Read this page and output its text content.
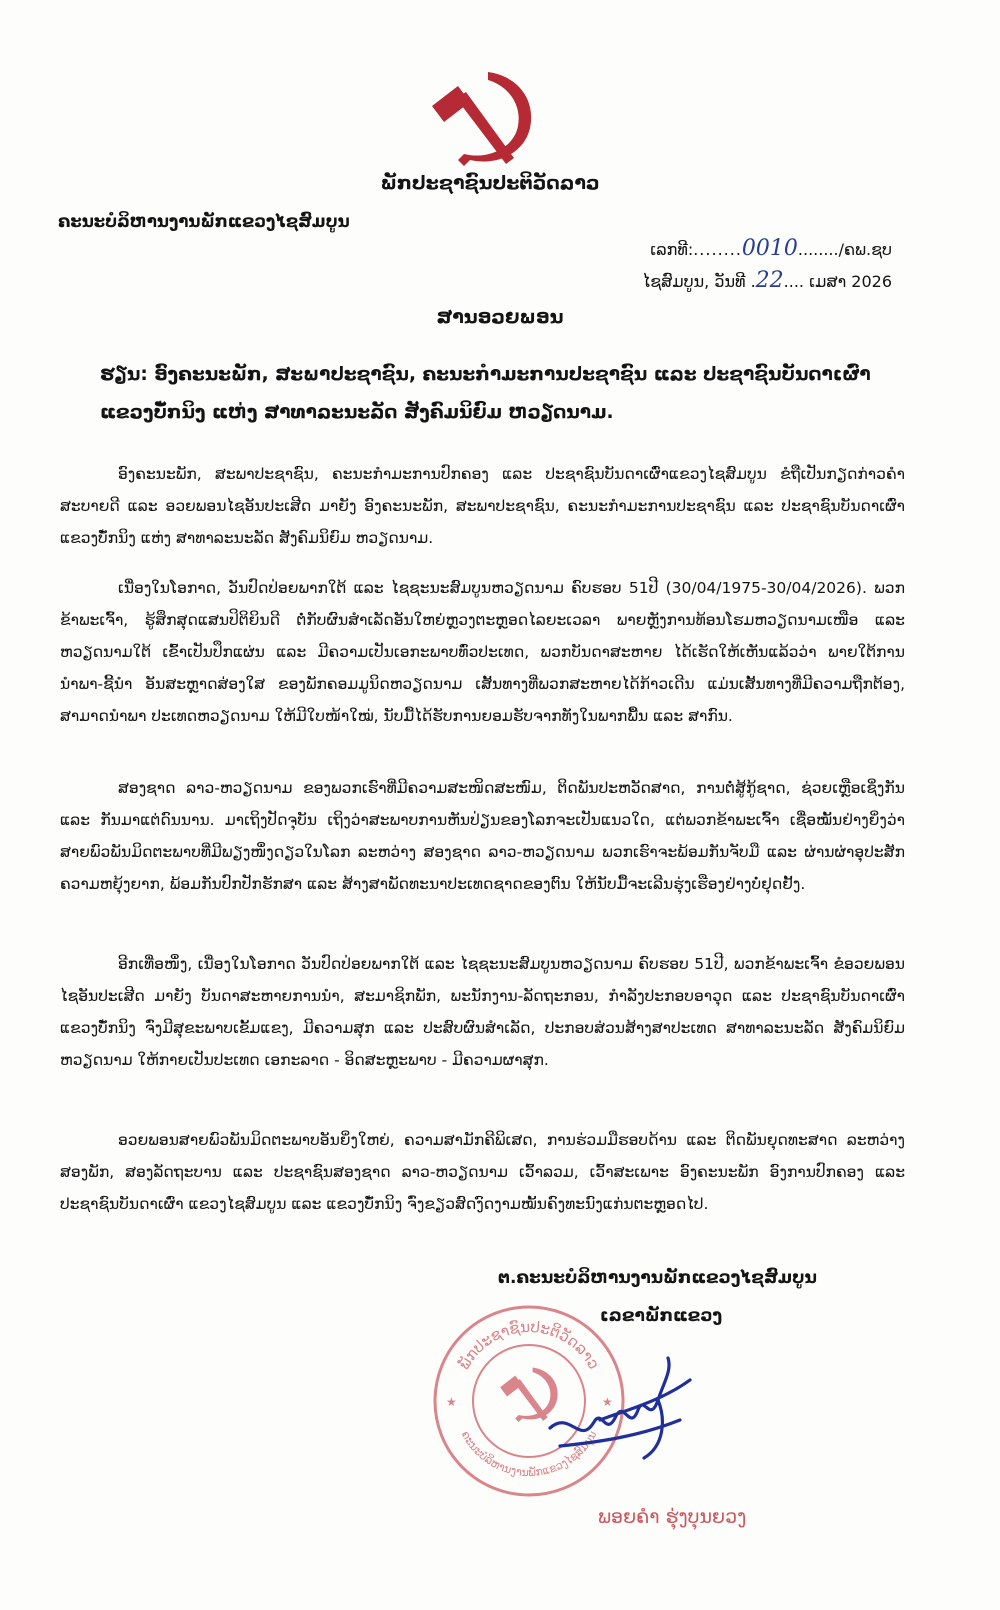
ພັກປະຊາຊົນປະຕິວັດລາວ
ຄະນະບໍລິຫານງານພັກແຂວງໄຊສົມບູນ
ເລກທີ:........0010......../ຄພ.ຊບ
ໄຊສົມບູນ, ວັນທີ .22.... ເມສາ 2026
ສານອວຍພອນ
ຮຽນ: ອົງຄະນະພັກ, ສະພາປະຊາຊົນ, ຄະນະກຳມະການປະຊາຊົນ ແລະ ປະຊາຊົນບັນດາເຜົ່າ ແຂວງບັ໋ກນິງ ແຫ່ງ ສາທາລະນະລັດ ສັງຄົມນິຍົມ ຫວຽດນາມ.
ອົງຄະນະພັກ, ສະພາປະຊາຊົນ, ຄະນະກຳມະການປົກຄອງ ແລະ ປະຊາຊົນບັນດາເຜົ່າແຂວງໄຊສົມບູນ ຂໍຖືເປັນກຽດກ່າວຄຳສະບາຍດີ ແລະ ອວຍພອນໄຊອັນປະເສີດ ມາຍັງ ອົງຄະນະພັກ, ສະພາປະຊາຊົນ, ຄະນະກຳມະການປະຊາຊົນ ແລະ ປະຊາຊົນບັນດາເຜົ່າແຂວງບັ໋ກນິງ ແຫ່ງ ສາທາລະນະລັດ ສັງຄົມນິຍົມ ຫວຽດນາມ.
ເນື່ອງໃນໂອກາດ, ວັນປົດປ່ອຍພາກໃຕ້ ແລະ ໄຊຊະນະສົມບູນຫວຽດນາມ ຄົບຮອບ 51ປີ (30/04/1975-30/04/2026). ພວກຂ້າພະເຈົ້າ, ຮູ້ສຶກສຸດແສນປິຕິຍິນດີ ຕໍ່ກັບຜົນສຳເລັດອັນໃຫຍ່ຫຼວງຕະຫຼອດໄລຍະເວລາ ພາຍຫຼັງການທ້ອນໂຮມຫວຽດນາມເໜືອ ແລະ ຫວຽດນາມໃຕ້ ເຂົ້າເປັນປຶກແຜ່ນ ແລະ ມີຄວາມເປັນເອກະພາບທົ່ວປະເທດ, ພວກບັນດາສະຫາຍ ໄດ້ເຮັດໃຫ້ເຫັນແລ້ວວ່າ ພາຍໃຕ້ການນຳພາ-ຊີ້ນຳ ອັນສະຫຼາດສ່ອງໃສ ຂອງພັກຄອມມູນິດຫວຽດນາມ ເສັ້ນທາງທີ່ພວກສະຫາຍໄດ້ກ້າວເດີນ ແມ່ນເສັ້ນທາງທີ່ມີຄວາມຖືກຕ້ອງ, ສາມາດນຳພາ ປະເທດຫວຽດນາມ ໃຫ້ມີໃບໜ້າໃໝ່, ນັບມື້ໄດ້ຮັບການຍອມຮັບຈາກທັງໃນພາກພື້ນ ແລະ ສາກົນ.
ສອງຊາດ ລາວ-ຫວຽດນາມ ຂອງພວກເຮົາທີ່ມີຄວາມສະໜິດສະໜົມ, ຕິດພັນປະຫວັດສາດ, ການຕໍ່ສູ້ກູ້ຊາດ, ຊ່ວຍເຫຼືອເຊິ່ງກັນ ແລະ ກັນມາແຕ່ດົນນານ. ມາເຖິງປັດຈຸບັນ ເຖິງວ່າສະພາບການຫັນປ່ຽນຂອງໂລກຈະເປັນແນວໃດ, ແຕ່ພວກຂ້າພະເຈົ້າ ເຊື່ອໝັ້ນຢ່າງຍິ່ງວ່າ ສາຍພົວພັນມິດຕະພາບທີ່ມີພຽງໜຶ່ງດຽວໃນໂລກ ລະຫວ່າງ ສອງຊາດ ລາວ-ຫວຽດນາມ ພວກເຮົາຈະພ້ອມກັນຈັບມື ແລະ ຜ່ານຜ່າອຸປະສັກຄວາມຫຍຸ້ງຍາກ, ພ້ອມກັນປົກປັກຮັກສາ ແລະ ສ້າງສາພັດທະນາປະເທດຊາດຂອງຕົນ ໃຫ້ນັບມື້ຈະເລີນຮຸ່ງເຮືອງຢ່າງບໍ່ຢຸດຢັ້ງ.
ອີກເທື່ອໜຶ່ງ, ເນື່ອງໃນໂອກາດ ວັນປົດປ່ອຍພາກໃຕ້ ແລະ ໄຊຊະນະສົມບູນຫວຽດນາມ ຄົບຮອບ 51ປີ, ພວກຂ້າພະເຈົ້າ ຂໍອວຍພອນໄຊອັນປະເສີດ ມາຍັງ ບັນດາສະຫາຍການນຳ, ສະມາຊິກພັກ, ພະນັກງານ-ລັດຖະກອນ, ກຳລັງປະກອບອາວຸດ ແລະ ປະຊາຊົນບັນດາເຜົ່າແຂວງບັ໋ກນິງ ຈົ່ງມີສຸຂະພາບເຂັ້ມແຂງ, ມີຄວາມສຸກ ແລະ ປະສົບຜົນສຳເລັດ, ປະກອບສ່ວນສ້າງສາປະເທດ ສາທາລະນະລັດ ສັງຄົມນິຍົມ ຫວຽດນາມ ໃຫ້ກາຍເປັນປະເທດ ເອກະລາດ - ອິດສະຫຼະພາບ - ມີຄວາມຜາສຸກ.
ອວຍພອນສາຍພົວພັນມິດຕະພາບອັນຍິ່ງໃຫຍ່, ຄວາມສາມັກຄີພິເສດ, ການຮ່ວມມືຮອບດ້ານ ແລະ ຕິດພັນຍຸດທະສາດ ລະຫວ່າງ ສອງພັກ, ສອງລັດຖະບານ ແລະ ປະຊາຊົນສອງຊາດ ລາວ-ຫວຽດນາມ ເວົ້າລວມ, ເວົ້າສະເພາະ ອົງຄະນະພັກ ອົງການປົກຄອງ ແລະ ປະຊາຊົນບັນດາເຜົ່າ ແຂວງໄຊສົມບູນ ແລະ ແຂວງບັ໋ກນິງ ຈົ່ງຂຽວສົດງົດງາມໝັ້ນຄົງທະນົງແກ່ນຕະຫຼອດໄປ.
ຕ.ຄະນະບໍລິຫານງານພັກແຂວງໄຊສົມບູນ
ເລຂາພັກແຂວງ
ພັກປະຊາຊົນປະຕິວັດລາວ
ຄະນະບໍລິຫານງານພັກແຂວງໄຊສົມບູນ
★	★
ພອຍຄຳ ຮຸ່ງບຸນຍວງ
